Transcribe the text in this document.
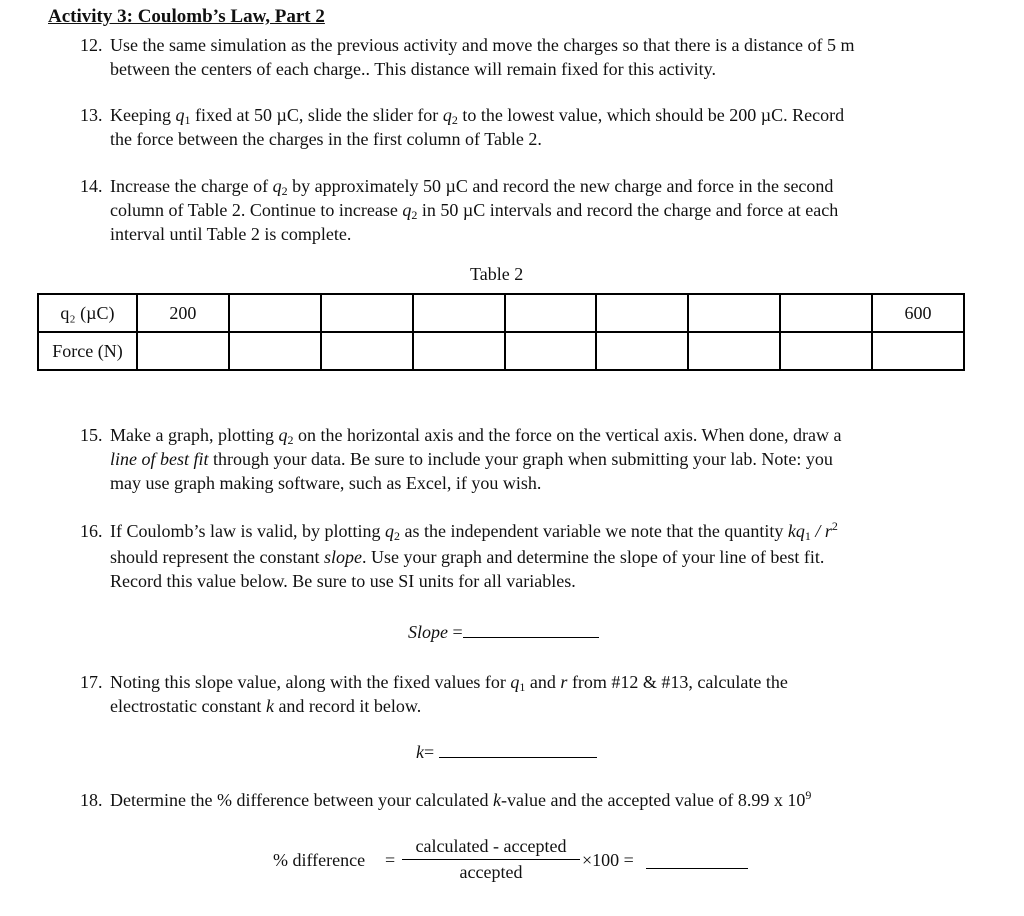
Activity 3: Coulomb’s Law, Part 2
12. Use the same simulation as the previous activity and move the charges so that there is a distance of 5 m
between the centers of each charge.. This distance will remain fixed for this activity.
13. Keeping $q_1$ fixed at 50 µC, slide the slider for $q_2$ to the lowest value, which should be 200 µC. Record
the force between the charges in the first column of Table 2.
14. Increase the charge of $q_2$ by approximately 50 µC and record the new charge and force in the second
column of Table 2. Continue to increase $q_2$ in 50 µC intervals and record the charge and force at each
interval until Table 2 is complete.
Table 2
q₂ (µC)	200								600
Force (N)									
15. Make a graph, plotting $q_2$ on the horizontal axis and the force on the vertical axis. When done, draw a
line of best fit through your data. Be sure to include your graph when submitting your lab. Note: you
may use graph making software, such as Excel, if you wish.
16. If Coulomb’s law is valid, by plotting $q_2$ as the independent variable we note that the quantity $kq_1 / r^2$
should represent the constant slope. Use your graph and determine the slope of your line of best fit.
Record this value below. Be sure to use SI units for all variables.
Slope =
17. Noting this slope value, along with the fixed values for $q_1$ and r from #12 & #13, calculate the
electrostatic constant k and record it below.
k=
18. Determine the % difference between your calculated k-value and the accepted value of 8.99 x $10^9$
% difference =
calculated - accepted
accepted
×100 =
